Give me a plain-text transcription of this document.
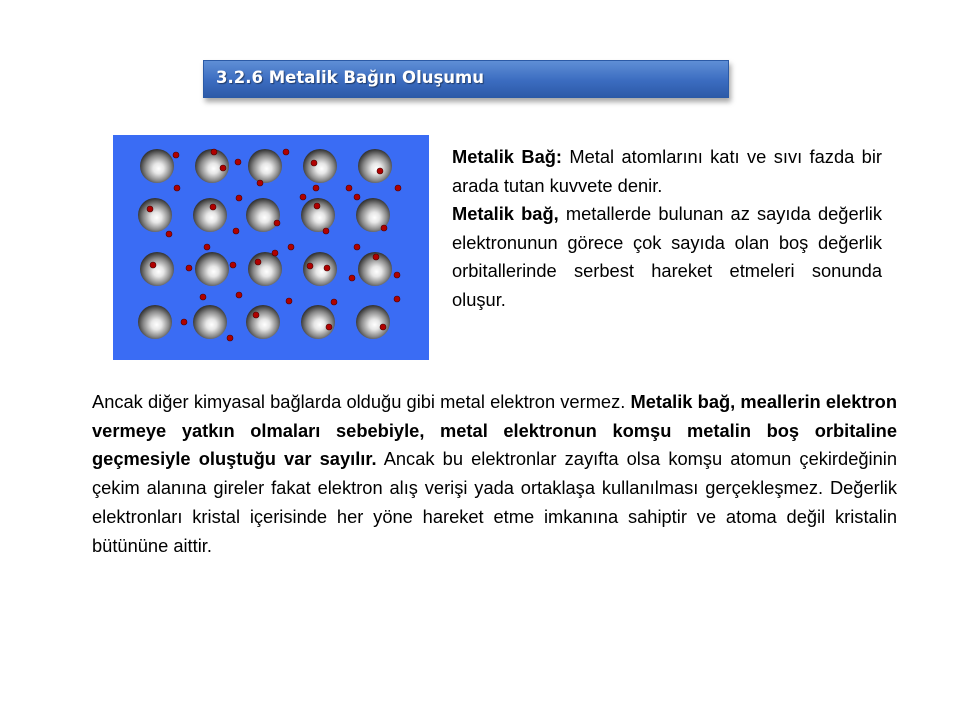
3.2.6 Metalik Bağın Oluşumu
Metalik Bağ: Metal atomlarını katı ve sıvı fazda bir arada tutan kuvvete denir.
Metalik bağ, metallerde bulunan az sayıda değerlik elektronunun görece çok sayıda olan boş değerlik orbitallerinde serbest hareket etmeleri sonunda oluşur.
Ancak diğer kimyasal bağlarda olduğu gibi metal elektron vermez. Metalik bağ, meallerin elektron vermeye yatkın olmaları sebebiyle, metal elektronun komşu metalin boş orbitaline geçmesiyle oluştuğu var sayılır. Ancak bu elektronlar zayıfta olsa komşu atomun çekirdeğinin çekim alanına gireler fakat elektron alış verişi yada ortaklaşa kullanılması gerçekleşmez. Değerlik elektronları kristal içerisinde her yöne hareket etme imkanına sahiptir ve atoma değil kristalin bütününe aittir.
